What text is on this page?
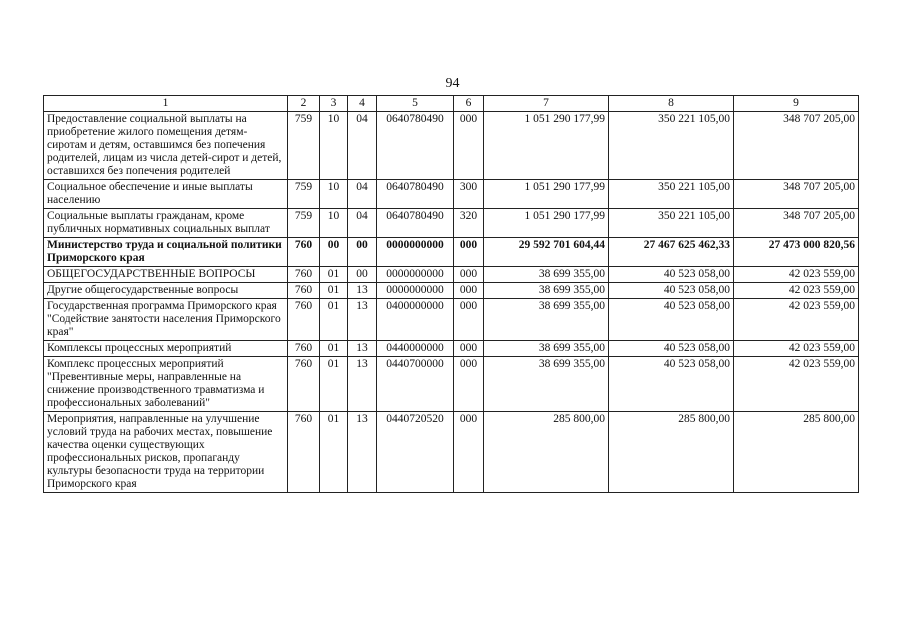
94
1	2	3	4	5	6	7	8	9
Предоставление социальной выплаты на приобретение жилого помещения детям-сиротам и детям, оставшимся без попечения родителей, лицам из числа детей-сирот и детей, оставшихся без попечения родителей	759	10	04	0640780490	000	1 051 290 177,99	350 221 105,00	348 707 205,00
Социальное обеспечение и иные выплаты населению	759	10	04	0640780490	300	1 051 290 177,99	350 221 105,00	348 707 205,00
Социальные выплаты гражданам, кроме публичных нормативных социальных выплат	759	10	04	0640780490	320	1 051 290 177,99	350 221 105,00	348 707 205,00
Министерство труда и социальной политики Приморского края	760	00	00	0000000000	000	29 592 701 604,44	27 467 625 462,33	27 473 000 820,56
ОБЩЕГОСУДАРСТВЕННЫЕ ВОПРОСЫ	760	01	00	0000000000	000	38 699 355,00	40 523 058,00	42 023 559,00
Другие общегосударственные вопросы	760	01	13	0000000000	000	38 699 355,00	40 523 058,00	42 023 559,00
Государственная программа Приморского края "Содействие занятости населения Приморского края"	760	01	13	0400000000	000	38 699 355,00	40 523 058,00	42 023 559,00
Комплексы процессных мероприятий	760	01	13	0440000000	000	38 699 355,00	40 523 058,00	42 023 559,00
Комплекс процессных мероприятий "Превентивные меры, направленные на снижение производственного травматизма и профессиональных заболеваний"	760	01	13	0440700000	000	38 699 355,00	40 523 058,00	42 023 559,00
Мероприятия, направленные на улучшение условий труда на рабочих местах, повышение качества оценки существующих профессиональных рисков, пропаганду культуры безопасности труда на территории Приморского края	760	01	13	0440720520	000	285 800,00	285 800,00	285 800,00
